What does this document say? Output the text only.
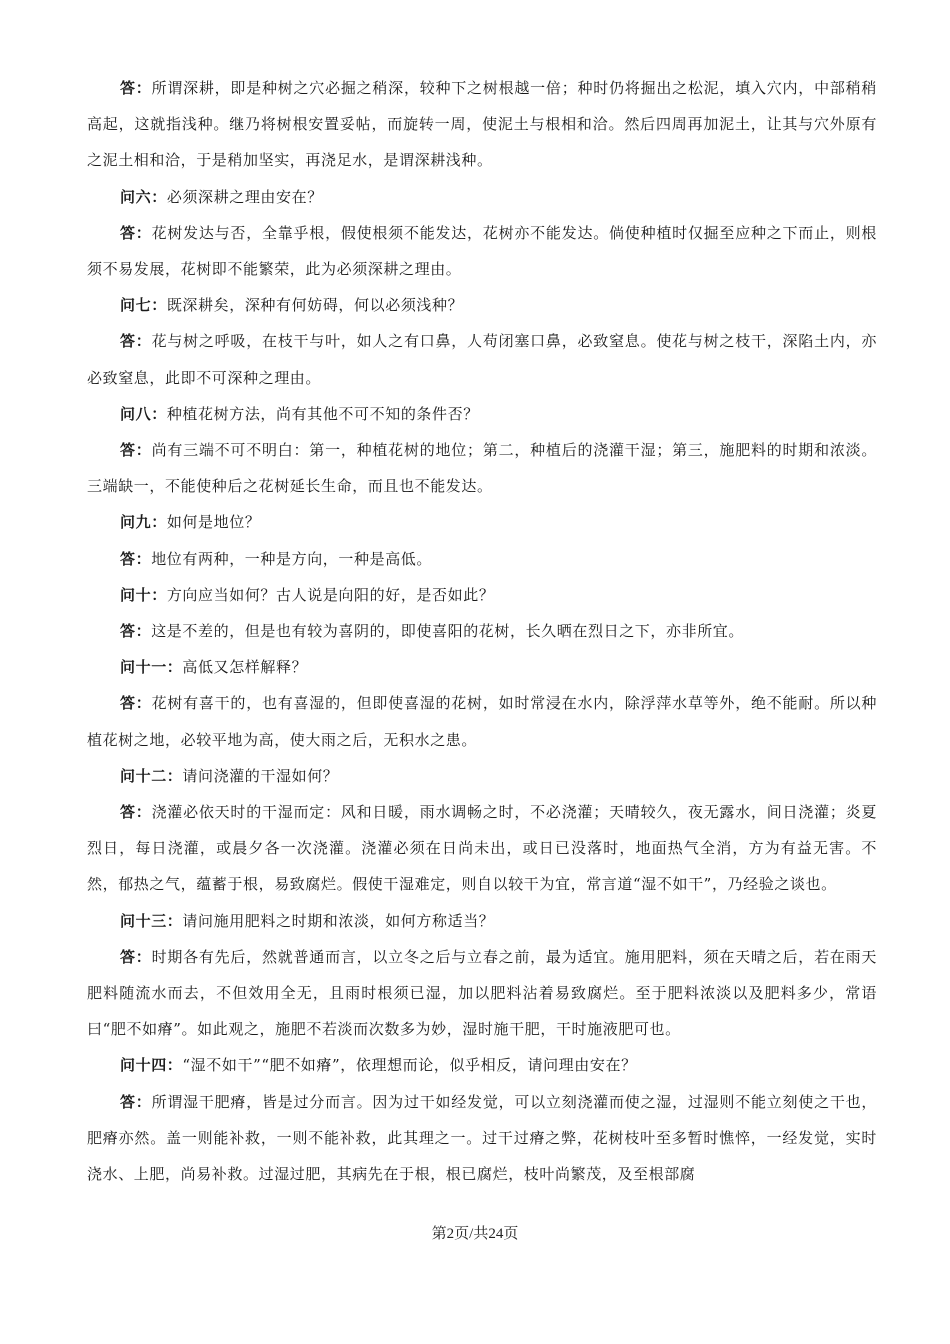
答：所谓深耕，即是种树之穴必掘之稍深，较种下之树根越一倍；种时仍将掘出之松泥，填入穴内，中部稍稍高起，这就指浅种。继乃将树根安置妥帖，而旋转一周，使泥土与根相和洽。然后四周再加泥土，让其与穴外原有之泥土相和洽，于是稍加坚实，再浇足水，是谓深耕浅种。

问六：必须深耕之理由安在？

答：花树发达与否，全靠乎根，假使根须不能发达，花树亦不能发达。倘使种植时仅掘至应种之下而止，则根须不易发展，花树即不能繁荣，此为必须深耕之理由。

问七：既深耕矣，深种有何妨碍，何以必须浅种？

答：花与树之呼吸，在枝干与叶，如人之有口鼻，人苟闭塞口鼻，必致窒息。使花与树之枝干，深陷土内，亦必致窒息，此即不可深种之理由。

问八：种植花树方法，尚有其他不可不知的条件否？

答：尚有三端不可不明白：第一，种植花树的地位；第二，种植后的浇灌干湿；第三，施肥料的时期和浓淡。三端缺一，不能使种后之花树延长生命，而且也不能发达。

问九：如何是地位？

答：地位有两种，一种是方向，一种是高低。

问十：方向应当如何？古人说是向阳的好，是否如此？

答：这是不差的，但是也有较为喜阴的，即使喜阳的花树，长久晒在烈日之下，亦非所宜。

问十一：高低又怎样解释？

答：花树有喜干的，也有喜湿的，但即使喜湿的花树，如时常浸在水内，除浮萍水草等外，绝不能耐。所以种植花树之地，必较平地为高，使大雨之后，无积水之患。

问十二：请问浇灌的干湿如何？

答：浇灌必依天时的干湿而定：风和日暖，雨水调畅之时，不必浇灌；天晴较久，夜无露水，间日浇灌；炎夏烈日，每日浇灌，或晨夕各一次浇灌。浇灌必须在日尚未出，或日已没落时，地面热气全消，方为有益无害。不然，郁热之气，蕴蓄于根，易致腐烂。假使干湿难定，则自以较干为宜，常言道“湿不如干”，乃经验之谈也。

问十三：请问施用肥料之时期和浓淡，如何方称适当？

答：时期各有先后，然就普通而言，以立冬之后与立春之前，最为适宜。施用肥料，须在天晴之后，若在雨天肥料随流水而去，不但效用全无，且雨时根须已湿，加以肥料沾着易致腐烂。至于肥料浓淡以及肥料多少，常语曰“肥不如瘠”。如此观之，施肥不若淡而次数多为妙，湿时施干肥，干时施液肥可也。

问十四：“湿不如干”“肥不如瘠”，依理想而论，似乎相反，请问理由安在？

答：所谓湿干肥瘠，皆是过分而言。因为过干如经发觉，可以立刻浇灌而使之湿，过湿则不能立刻使之干也，肥瘠亦然。盖一则能补救，一则不能补救，此其理之一。过干过瘠之弊，花树枝叶至多暂时憔悴，一经发觉，实时浇水、上肥，尚易补救。过湿过肥，其病先在于根，根已腐烂，枝叶尚繁茂，及至根部腐

第2页/共24页
